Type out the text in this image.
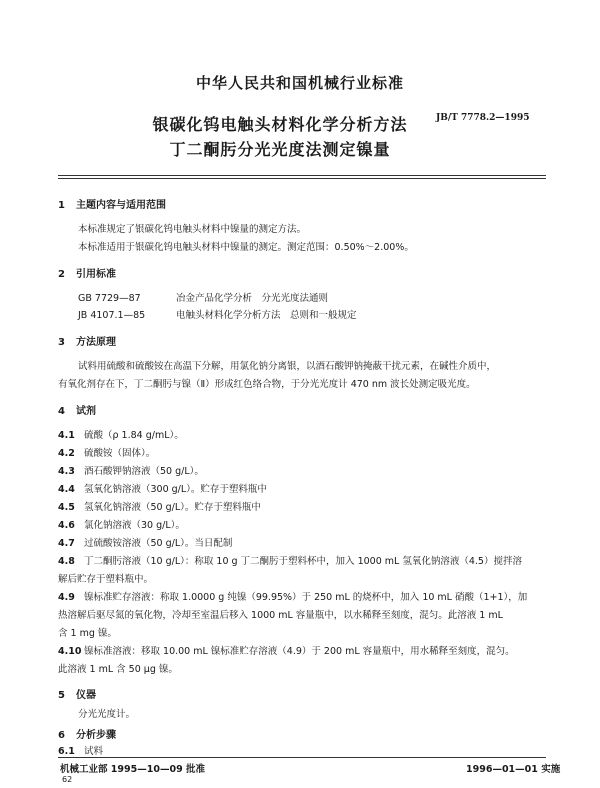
中华人民共和国机械行业标准
JB/T 7778.2—1995
银碳化钨电触头材料化学分析方法
丁二酮肟分光光度法测定镍量
1 主题内容与适用范围
本标准规定了银碳化钨电触头材料中镍量的测定方法。
本标准适用于银碳化钨电触头材料中镍量的测定。测定范围：0.50%～2.00%。
2 引用标准
GB 7729—87	冶金产品化学分析　分光光度法通则
JB 4107.1—85	电触头材料化学分析方法　总则和一般规定
3 方法原理
试料用硫酸和硫酸铵在高温下分解，用氯化钠分离银，以酒石酸钾钠掩蔽干扰元素，在碱性介质中，
有氧化剂存在下，丁二酮肟与镍（Ⅱ）形成红色络合物，于分光光度计 470 nm 波长处测定吸光度。
4 试剂
4.1 硫酸（ρ 1.84 g/mL）。
4.2 硫酸铵（固体）。
4.3 酒石酸钾钠溶液（50 g/L）。
4.4 氢氧化钠溶液（300 g/L）。贮存于塑料瓶中
4.5 氢氧化钠溶液（50 g/L）。贮存于塑料瓶中
4.6 氯化钠溶液（30 g/L）。
4.7 过硫酸铵溶液（50 g/L）。当日配制
4.8 丁二酮肟溶液（10 g/L）：称取 10 g 丁二酮肟于塑料杯中，加入 1000 mL 氢氧化钠溶液（4.5）搅拌溶
解后贮存于塑料瓶中。
4.9 镍标准贮存溶液：称取 1.0000 g 纯镍（99.95%）于 250 mL 的烧杯中，加入 10 mL 硝酸（1+1），加
热溶解后驱尽氮的氧化物，冷却至室温后移入 1000 mL 容量瓶中，以水稀释至刻度，混匀。此溶液 1 mL
含 1 mg 镍。
4.10 镍标准溶液：移取 10.00 mL 镍标准贮存溶液（4.9）于 200 mL 容量瓶中，用水稀释至刻度，混匀。
此溶液 1 mL 含 50 μg 镍。
5 仪器
分光光度计。
6 分析步骤
6.1 试料
机械工业部 1995—10—09 批准	1996—01—01 实施
62
